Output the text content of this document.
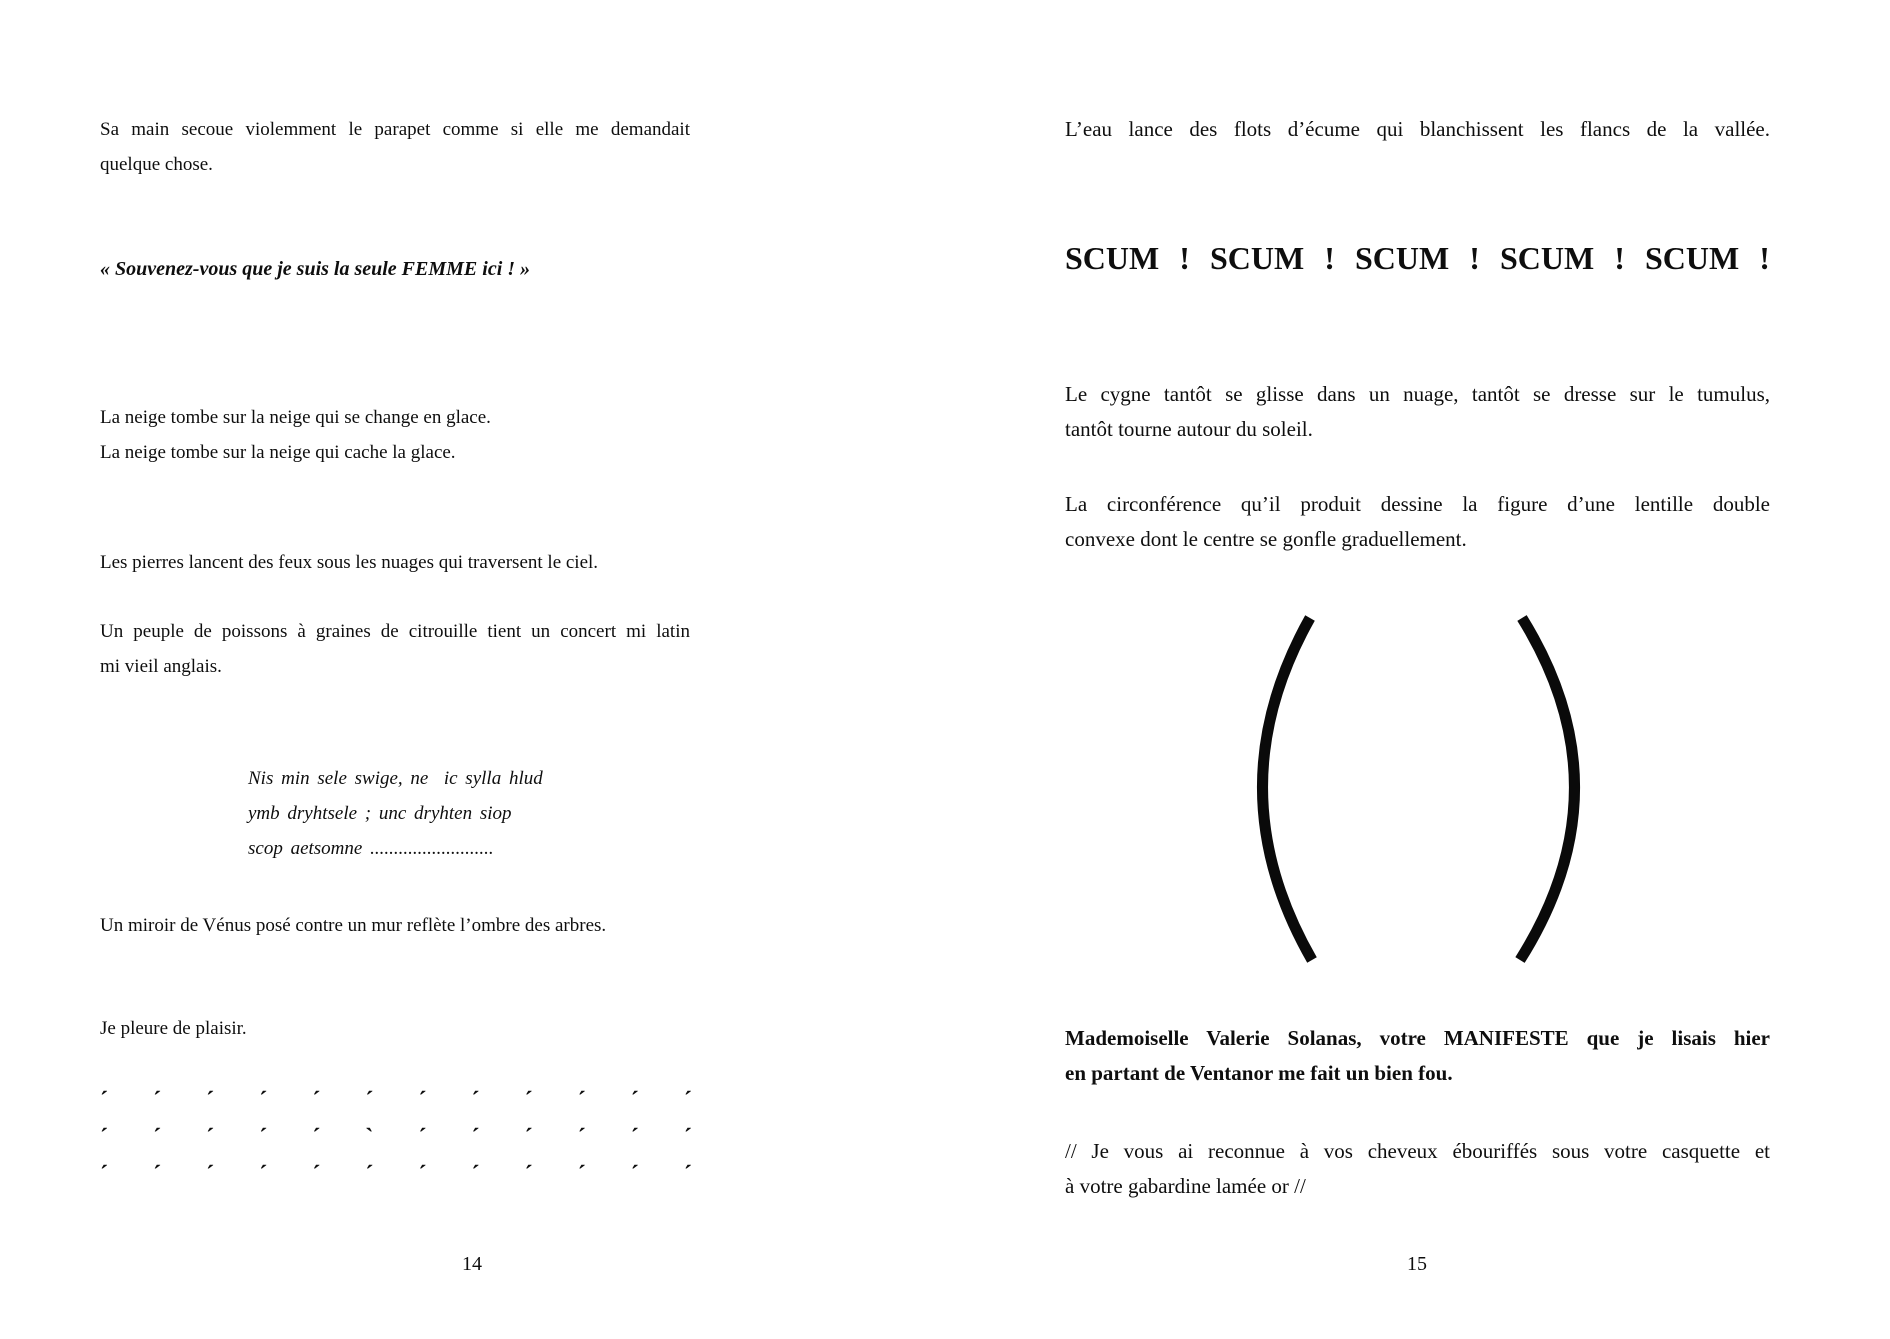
Sa main secoue violemment le parapet comme si elle me demandait
quelque chose.
« Souvenez-vous que je suis la seule FEMME ici ! »
La neige tombe sur la neige qui se change en glace.
La neige tombe sur la neige qui cache la glace.
Les pierres lancent des feux sous les nuages qui traversent le ciel.
Un peuple de poissons à graines de citrouille tient un concert mi latin
mi vieil anglais.
Nis min sele swige, ne  ic sylla hlud
ymb dryhtsele ; unc dryhten siop
scop aetsomne ..........................
Un miroir de Vénus posé contre un mur reflète l’ombre des arbres.
Je pleure de plaisir.
´ ´ ´ ´ ´ ´ ´ ´ ´ ´ ´ ´
´ ´ ´ ´ ´ ` ´ ´ ´ ´ ´ ´
´ ´ ´ ´ ´ ´ ´ ´ ´ ´ ´ ´
14
L’eau lance des flots d’écume qui blanchissent les flancs de la vallée.
SCUM ! SCUM ! SCUM ! SCUM ! SCUM !
Le cygne tantôt se glisse dans un nuage, tantôt se dresse sur le tumulus,
tantôt tourne autour du soleil.
La circonférence qu’il produit dessine la figure d’une lentille double
convexe dont le centre se gonfle graduellement.
Mademoiselle Valerie Solanas, votre MANIFESTE que je lisais hier
en partant de Ventanor me fait un bien fou.
// Je vous ai reconnue à vos cheveux ébouriffés sous votre casquette et
à votre gabardine lamée or //
15
